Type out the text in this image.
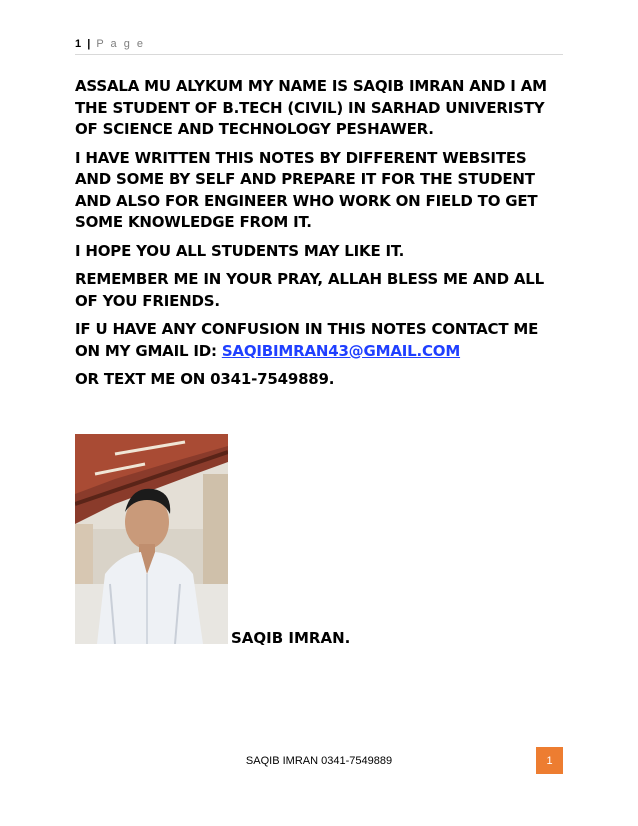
1 | P a g e

ASSALA MU ALYKUM MY NAME IS SAQIB IMRAN AND I AM THE STUDENT OF B.TECH (CIVIL) IN SARHAD UNIVERISTY OF SCIENCE AND TECHNOLOGY PESHAWER.

I HAVE WRITTEN THIS NOTES BY DIFFERENT WEBSITES AND SOME BY SELF AND PREPARE IT FOR THE STUDENT AND ALSO FOR ENGINEER WHO WORK ON FIELD TO GET SOME KNOWLEDGE FROM IT.

I HOPE YOU ALL STUDENTS MAY LIKE IT.

REMEMBER ME IN YOUR PRAY, ALLAH BLESS ME AND ALL OF YOU FRIENDS.

IF U HAVE ANY CONFUSION IN THIS NOTES CONTACT ME ON MY GMAIL ID: SAQIBIMRAN43@GMAIL.COM

OR TEXT ME ON 0341-7549889.

SAQIB IMRAN.
SAQIB IMRAN 0341-7549889	1
